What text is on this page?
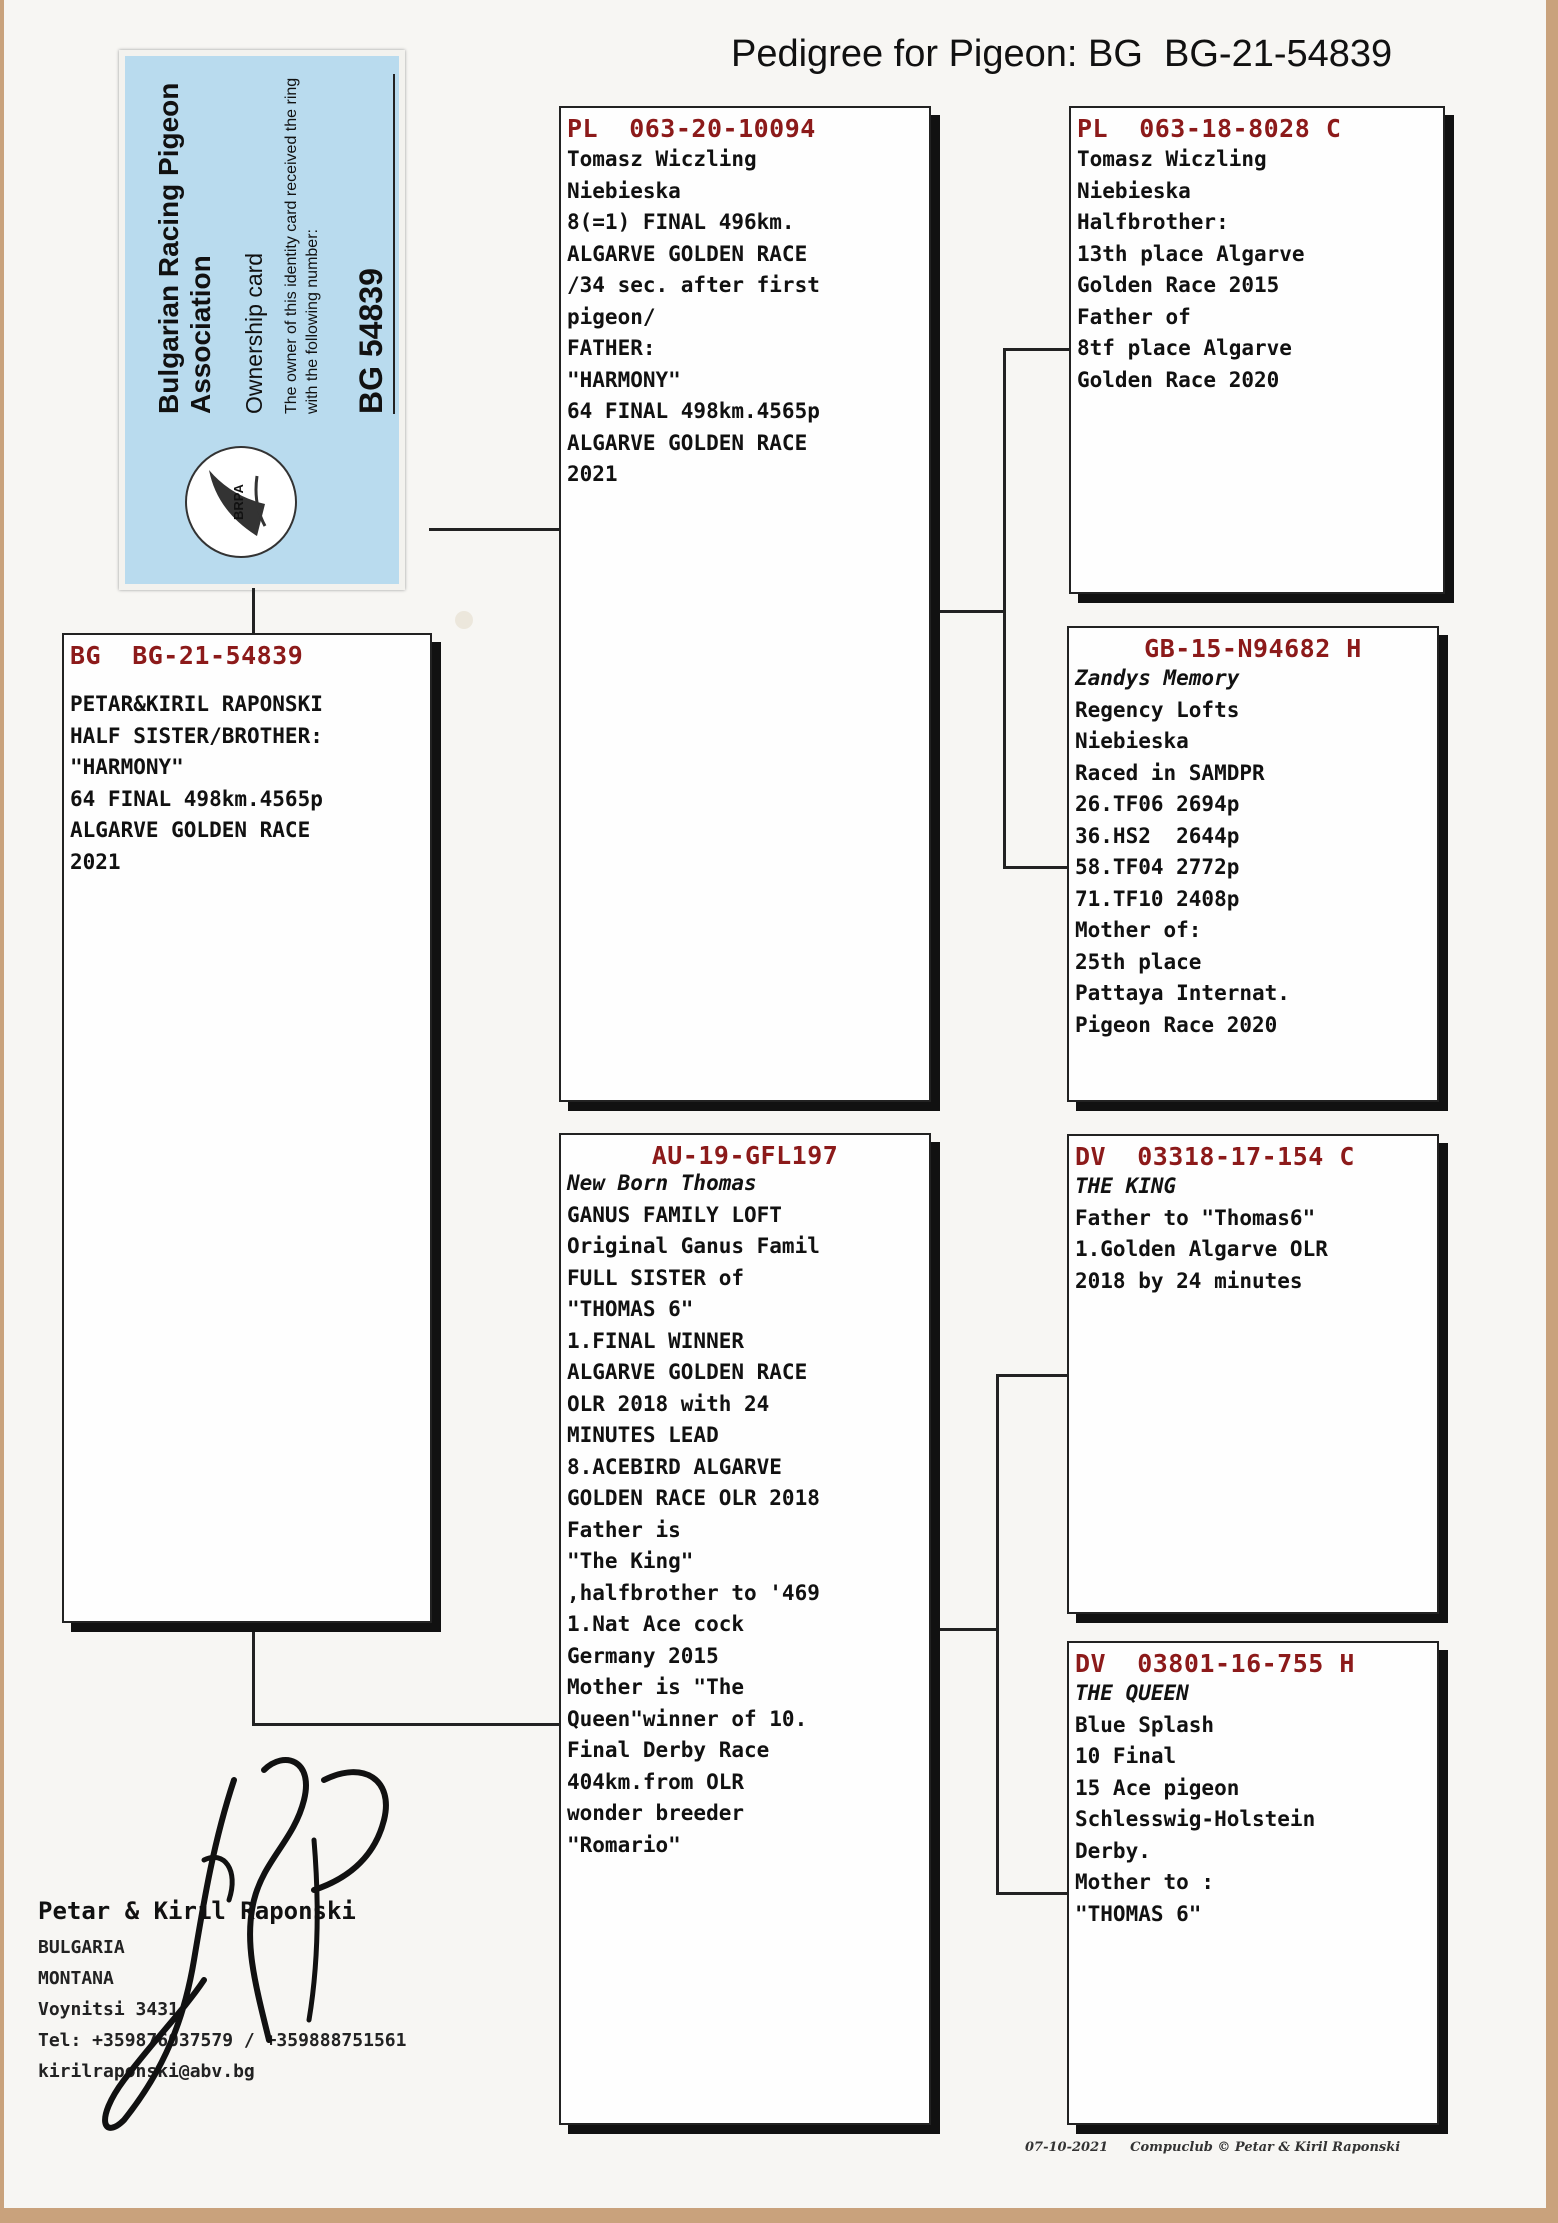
Pedigree for Pigeon: BG  BG-21-54839
BRPA
Bulgarian Racing Pigeon Association Ownership card The owner of this identity card received the ring with the following number: BG 54839
BG  BG-21-54839
PETAR&KIRIL RAPONSKI
HALF SISTER/BROTHER:
"HARMONY"
64 FINAL 498km.4565p
ALGARVE GOLDEN RACE
2021
PL  063-20-10094
Tomasz Wiczling
Niebieska
8(=1) FINAL 496km.
ALGARVE GOLDEN RACE
/34 sec. after first
pigeon/
FATHER:
"HARMONY"
64 FINAL 498km.4565p
ALGARVE GOLDEN RACE
2021
AU-19-GFL197
New Born Thomas
GANUS FAMILY LOFT
Original Ganus Famil
FULL SISTER of
"THOMAS 6"
1.FINAL WINNER
ALGARVE GOLDEN RACE
OLR 2018 with 24
MINUTES LEAD
8.ACEBIRD ALGARVE
GOLDEN RACE OLR 2018
Father is
"The King"
,halfbrother to '469
1.Nat Ace cock
Germany 2015
Mother is "The
Queen"winner of 10.
Final Derby Race
404km.from OLR
wonder breeder
"Romario"
PL  063-18-8028 C
Tomasz Wiczling
Niebieska
Halfbrother:
13th place Algarve
Golden Race 2015
Father of
8tf place Algarve
Golden Race 2020
GB-15-N94682 H
Zandys Memory
Regency Lofts
Niebieska
Raced in SAMDPR
26.TF06 2694p
36.HS2  2644p
58.TF04 2772p
71.TF10 2408p
Mother of:
25th place
Pattaya Internat.
Pigeon Race 2020
DV  03318-17-154 C
THE KING
Father to "Thomas6"
1.Golden Algarve OLR
2018 by 24 minutes
DV  03801-16-755 H
THE QUEEN
Blue Splash
10 Final
15 Ace pigeon
Schlesswig-Holstein
Derby.
Mother to :
"THOMAS 6"
Petar & Kiril Raponski
BULGARIA
MONTANA
Voynitsi 3431
Tel: +359876037579 / +359888751561
kirilraponski@abv.bg
07-10-2021 Compuclub © Petar & Kiril Raponski
